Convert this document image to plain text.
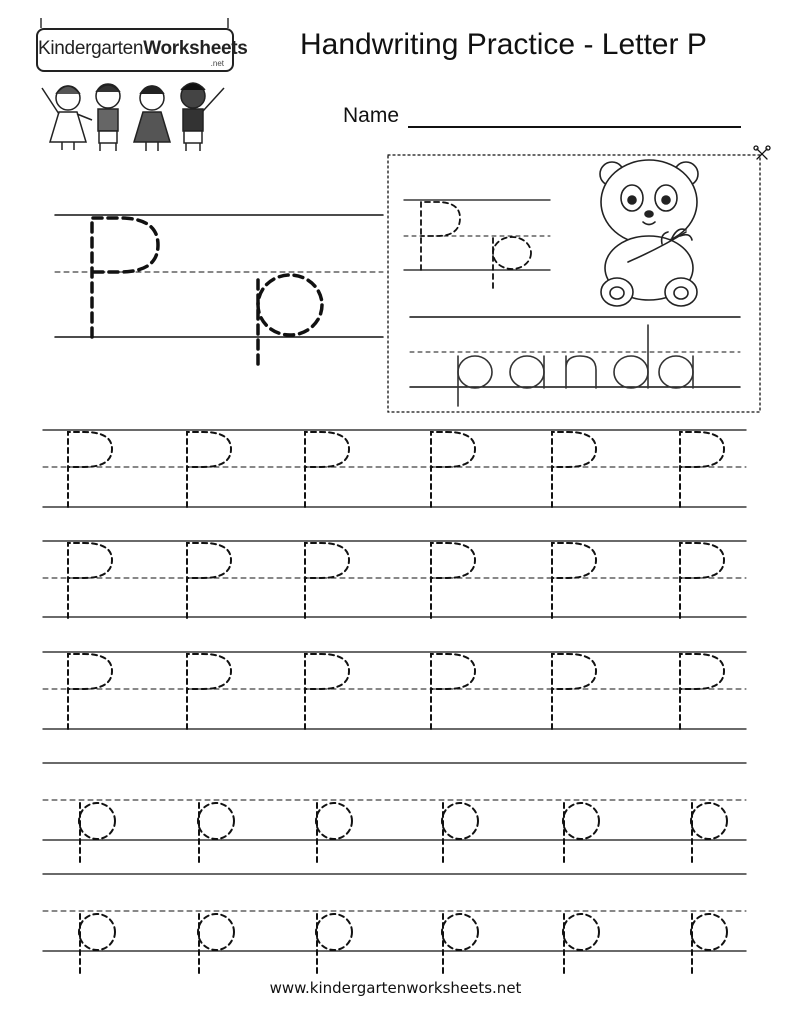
KindergartenWorksheets
.net
Handwriting Practice - Letter P
Name
www.kindergartenworksheets.net
